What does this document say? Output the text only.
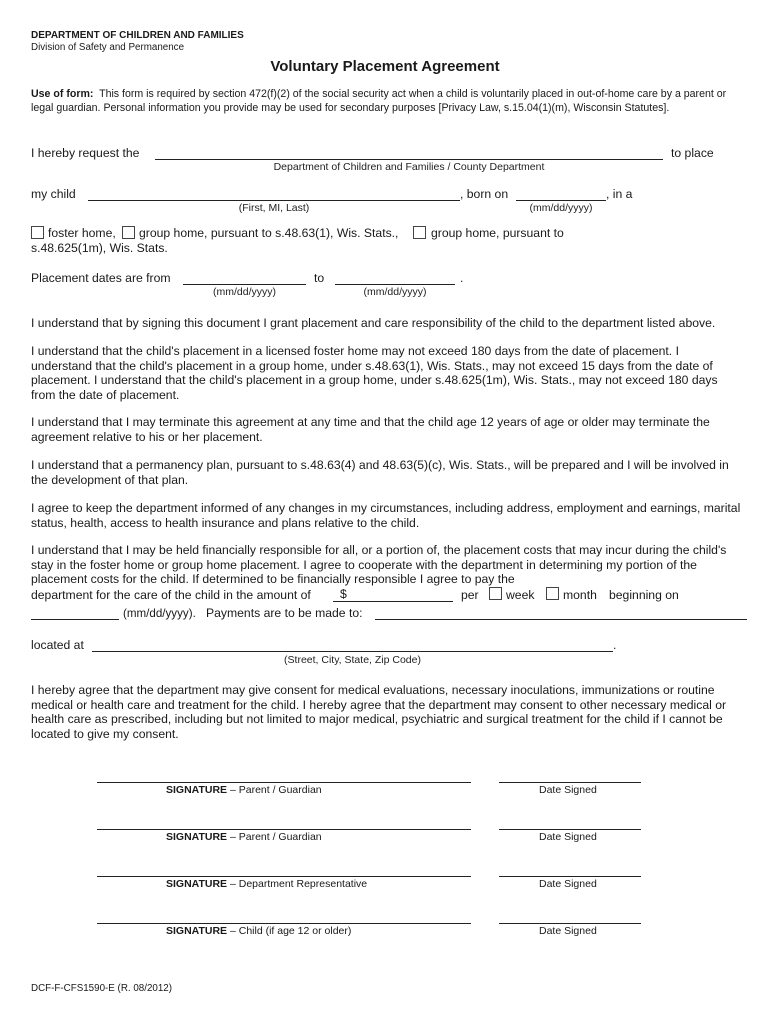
DEPARTMENT OF CHILDREN AND FAMILIES
Division of Safety and Permanence
Voluntary Placement Agreement
Use of form: This form is required by section 472(f)(2) of the social security act when a child is voluntarily placed in out-of-home care by a parent or legal guardian. Personal information you provide may be used for secondary purposes [Privacy Law, s.15.04(1)(m), Wisconsin Statutes].
I hereby request the	to place
Department of Children and Families / County Department
my child	, born on	, in a
(First, MI, Last)	(mm/dd/yyyy)
foster home, group home, pursuant to s.48.63(1), Wis. Stats.,	group home, pursuant to
s.48.625(1m), Wis. Stats.
Placement dates are from	to	.
(mm/dd/yyyy)	(mm/dd/yyyy)
I understand that by signing this document I grant placement and care responsibility of the child to the department listed above.
I understand that the child's placement in a licensed foster home may not exceed 180 days from the date of placement. I understand that the child's placement in a group home, under s.48.63(1), Wis. Stats., may not exceed 15 days from the date of placement. I understand that the child's placement in a group home, under s.48.625(1m), Wis. Stats., may not exceed 180 days from the date of placement.
I understand that I may terminate this agreement at any time and that the child age 12 years of age or older may terminate the agreement relative to his or her placement.
I understand that a permanency plan, pursuant to s.48.63(4) and 48.63(5)(c), Wis. Stats., will be prepared and I will be involved in the development of that plan.
I agree to keep the department informed of any changes in my circumstances, including address, employment and earnings, marital status, health, access to health insurance and plans relative to the child.
I understand that I may be held financially responsible for all, or a portion of, the placement costs that may incur during the child's stay in the foster home or group home placement. I agree to cooperate with the department in determining my portion of the placement costs for the child. If determined to be financially responsible I agree to pay the
department for the care of the child in the amount of $	per week month beginning on
(mm/dd/yyyy). Payments are to be made to:
located at	.
(Street, City, State, Zip Code)
I hereby agree that the department may give consent for medical evaluations, necessary inoculations, immunizations or routine medical or health care and treatment for the child. I hereby agree that the department may consent to other necessary medical or health care as prescribed, including but not limited to major medical, psychiatric and surgical treatment for the child if I cannot be located to give my consent.
SIGNATURE – Parent / Guardian	Date Signed
SIGNATURE – Parent / Guardian	Date Signed
SIGNATURE – Department Representative	Date Signed
SIGNATURE – Child (if age 12 or older)	Date Signed
DCF-F-CFS1590-E (R. 08/2012)
